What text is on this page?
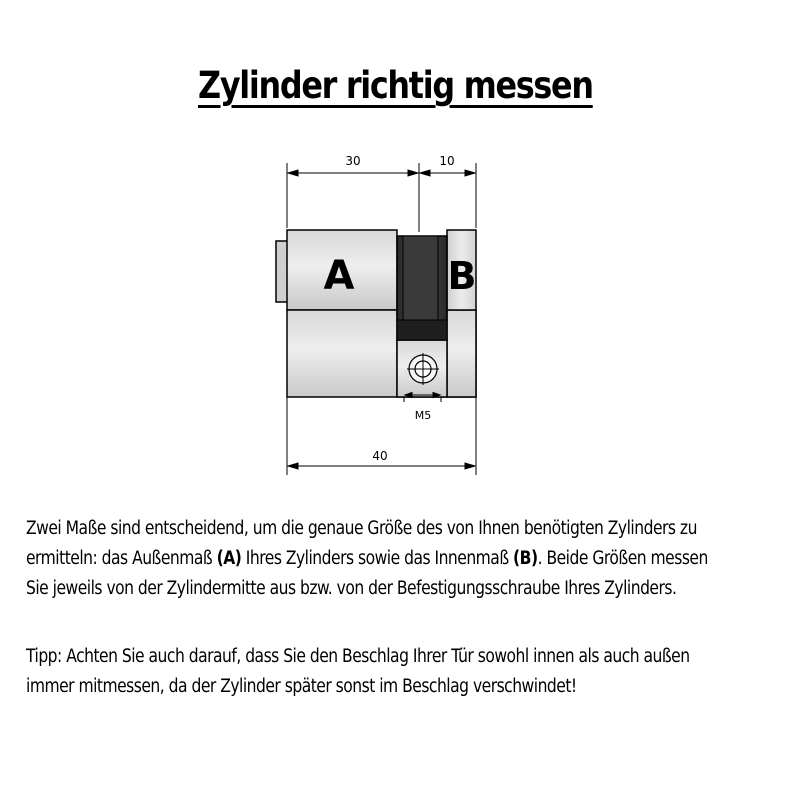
Zylinder richtig messen
30	10
A B
M5
40
Zwei Maße sind entscheidend, um die genaue Größe des von Ihnen benötigten Zylinders zu
ermitteln: das Außenmaß (A) Ihres Zylinders sowie das Innenmaß (B). Beide Größen messen
Sie jeweils von der Zylindermitte aus bzw. von der Befestigungsschraube Ihres Zylinders.
Tipp: Achten Sie auch darauf, dass Sie den Beschlag Ihrer Tür sowohl innen als auch außen
immer mitmessen, da der Zylinder später sonst im Beschlag verschwindet!
